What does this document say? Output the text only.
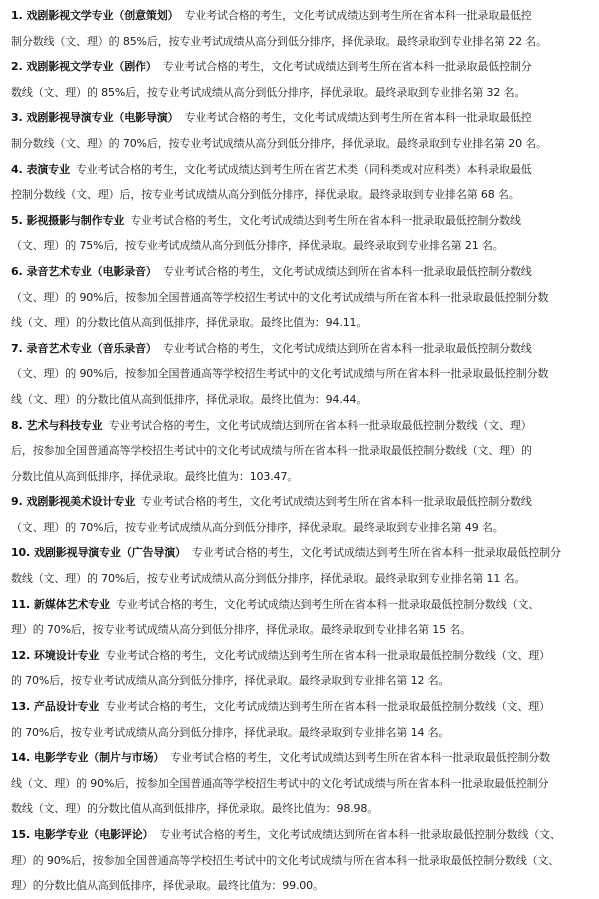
1. 戏剧影视文学专业（创意策划） 专业考试合格的考生，文化考试成绩达到考生所在省本科一批录取最低控
制分数线（文、理）的 85%后，按专业考试成绩从高分到低分排序，择优录取。最终录取到专业排名第 22 名。
2. 戏剧影视文学专业（剧作） 专业考试合格的考生，文化考试成绩达到考生所在省本科一批录取最低控制分
数线（文、理）的 85%后，按专业考试成绩从高分到低分排序，择优录取。最终录取到专业排名第 32 名。
3. 戏剧影视导演专业（电影导演） 专业考试合格的考生，文化考试成绩达到考生所在省本科一批录取最低控
制分数线（文、理）的 70%后，按专业考试成绩从高分到低分排序，择优录取。最终录取到专业排名第 20 名。
4. 表演专业 专业考试合格的考生，文化考试成绩达到考生所在省艺术类（同科类或对应科类）本科录取最低
控制分数线（文、理）后，按专业考试成绩从高分到低分排序，择优录取。最终录取到专业排名第 68 名。
5. 影视摄影与制作专业 专业考试合格的考生，文化考试成绩达到考生所在省本科一批录取最低控制分数线
（文、理）的 75%后，按专业考试成绩从高分到低分排序，择优录取。最终录取到专业排名第 21 名。
6. 录音艺术专业（电影录音） 专业考试合格的考生，文化考试成绩达到所在省本科一批录取最低控制分数线
（文、理）的 90%后，按参加全国普通高等学校招生考试中的文化考试成绩与所在省本科一批录取最低控制分数
线（文、理）的分数比值从高到低排序，择优录取。最终比值为：94.11。
7. 录音艺术专业（音乐录音） 专业考试合格的考生，文化考试成绩达到所在省本科一批录取最低控制分数线
（文、理）的 90%后，按参加全国普通高等学校招生考试中的文化考试成绩与所在省本科一批录取最低控制分数
线（文、理）的分数比值从高到低排序，择优录取。最终比值为：94.44。
8. 艺术与科技专业 专业考试合格的考生，文化考试成绩达到所在省本科一批录取最低控制分数线（文、理）
后，按参加全国普通高等学校招生考试中的文化考试成绩与所在省本科一批录取最低控制分数线（文、理）的
分数比值从高到低排序，择优录取。最终比值为：103.47。
9. 戏剧影视美术设计专业 专业考试合格的考生，文化考试成绩达到考生所在省本科一批录取最低控制分数线
（文、理）的 70%后，按专业考试成绩从高分到低分排序，择优录取。最终录取到专业排名第 49 名。
10. 戏剧影视导演专业（广告导演） 专业考试合格的考生，文化考试成绩达到考生所在省本科一批录取最低控制分
数线（文、理）的 70%后，按专业考试成绩从高分到低分排序，择优录取。最终录取到专业排名第 11 名。
11. 新媒体艺术专业 专业考试合格的考生，文化考试成绩达到考生所在省本科一批录取最低控制分数线（文、
理）的 70%后，按专业考试成绩从高分到低分排序，择优录取。最终录取到专业排名第 15 名。
12. 环境设计专业 专业考试合格的考生，文化考试成绩达到考生所在省本科一批录取最低控制分数线（文、理）
的 70%后，按专业考试成绩从高分到低分排序，择优录取。最终录取到专业排名第 12 名。
13. 产品设计专业 专业考试合格的考生，文化考试成绩达到考生所在省本科一批录取最低控制分数线（文、理）
的 70%后，按专业考试成绩从高分到低分排序，择优录取。最终录取到专业排名第 14 名。
14. 电影学专业（制片与市场） 专业考试合格的考生，文化考试成绩达到考生所在省本科一批录取最低控制分数
线（文、理）的 90%后，按参加全国普通高等学校招生考试中的文化考试成绩与所在省本科一批录取最低控制分
数线（文、理）的分数比值从高到低排序，择优录取。最终比值为：98.98。
15. 电影学专业（电影评论） 专业考试合格的考生，文化考试成绩达到所在省本科一批录取最低控制分数线（文、
理）的 90%后，按参加全国普通高等学校招生考试中的文化考试成绩与所在省本科一批录取最低控制分数线（文、
理）的分数比值从高到低排序，择优录取。最终比值为：99.00。
